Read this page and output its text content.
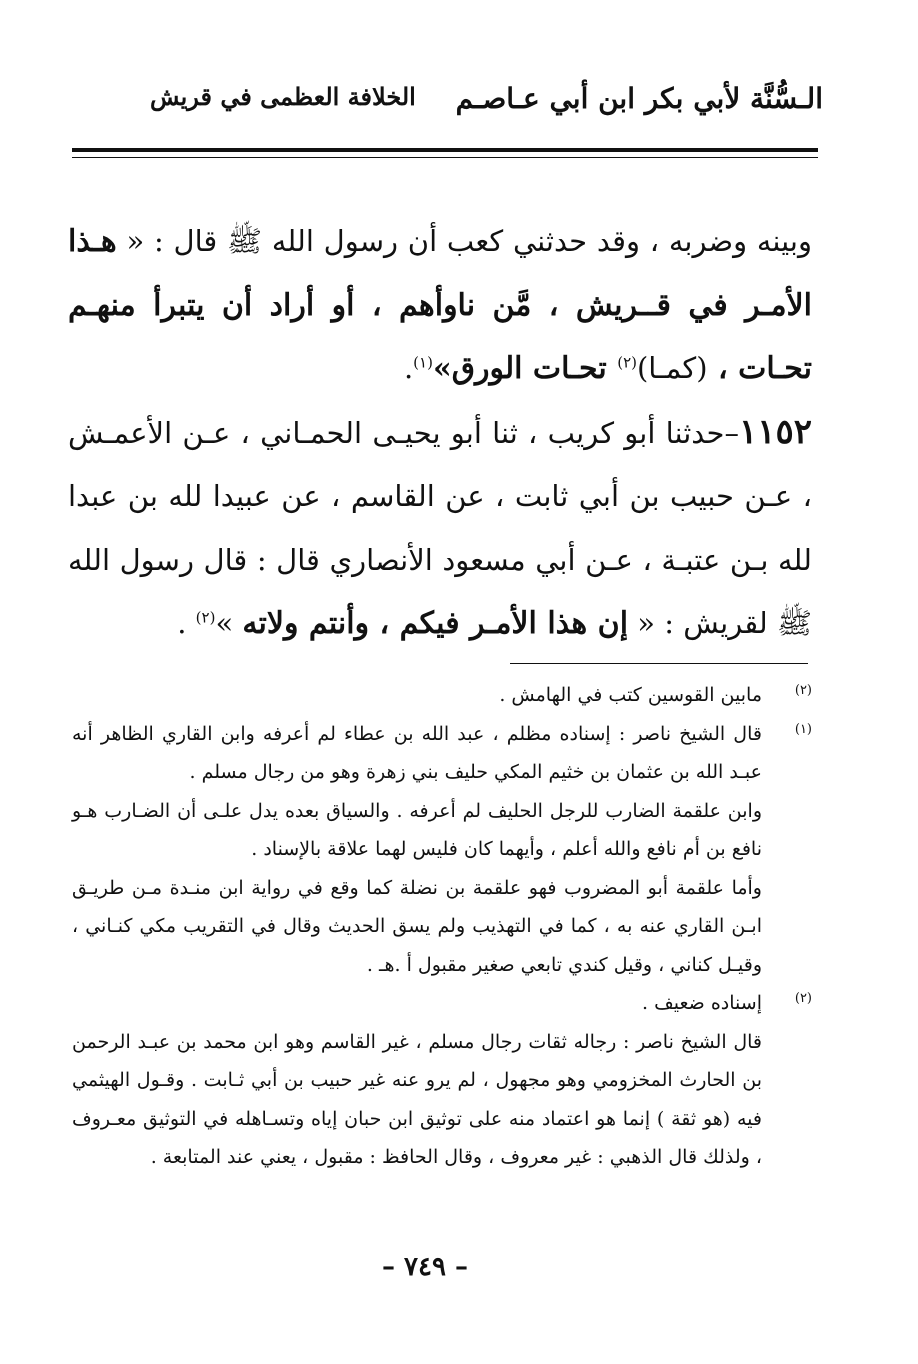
الـسُّنَّة لأبي بكر ابن أبي عـاصـم
الخلافة العظمى في قريش

وبينه وضربه ، وقد حدثني كعب أن رسول الله ﷺ قال : « هـذا الأمـر في قــريش ، مَّن ناوأهم ، أو أراد أن يتبرأ منهـم تحـات ، (كمـا)$^{(٢)}$ تحـات الورق»$^{(١)}$.

١١٥٢–حدثنا أبو كريب ، ثنا أبو يحيـى الحمـاني ، عـن الأعمـش ، عـن حبيب بن أبي ثابت ، عن القاسم ، عن عبيدا لله بن عبدا لله بـن عتبـة ، عـن أبي مسعود الأنصاري قال : قال رسول الله ﷺ لقريش : « إن هذا الأمـر فيكم ، وأنتم ولاته »$^{(٢)}$ .

(٢)

مابين القوسين كتب في الهامش .

(١)

قال الشيخ ناصر : إسناده مظلم ، عبد الله بن عطاء لم أعرفه وابن القاري الظاهر أنه عبـد الله بن عثمان بن خثيم المكي حليف بني زهرة وهو من رجال مسلم .

وابن علقمة الضارب للرجل الحليف لم أعرفه . والسياق بعده يدل علـى أن الضـارب هـو نافع بن أم نافع والله أعلم ، وأيهما كان فليس لهما علاقة بالإسناد .

وأما علقمة أبو المضروب فهو علقمة بن نضلة كما وقع في رواية ابن منـدة مـن طريـق ابـن القاري عنه به ، كما في التهذيب ولم يسق الحديث وقال في التقريب مكي كنـاني ، وقيـل كناني ، وقيل كندي تابعي صغير مقبول أ .هـ .

(٢)

إسناده ضعيف .

قال الشيخ ناصر : رجاله ثقات رجال مسلم ، غير القاسم وهو ابن محمد بن عبـد الرحمن بن الحارث المخزومي وهو مجهول ، لم يرو عنه غير حبيب بن أبي ثـابت . وقـول الهيثمي فيه (هو ثقة ) إنما هو اعتماد منه على توثيق ابن حبان إياه وتسـاهله في التوثيق معـروف ، ولذلك قال الذهبي : غير معروف ، وقال الحافظ : مقبول ، يعني عند المتابعة .

– ٧٤٩ –
